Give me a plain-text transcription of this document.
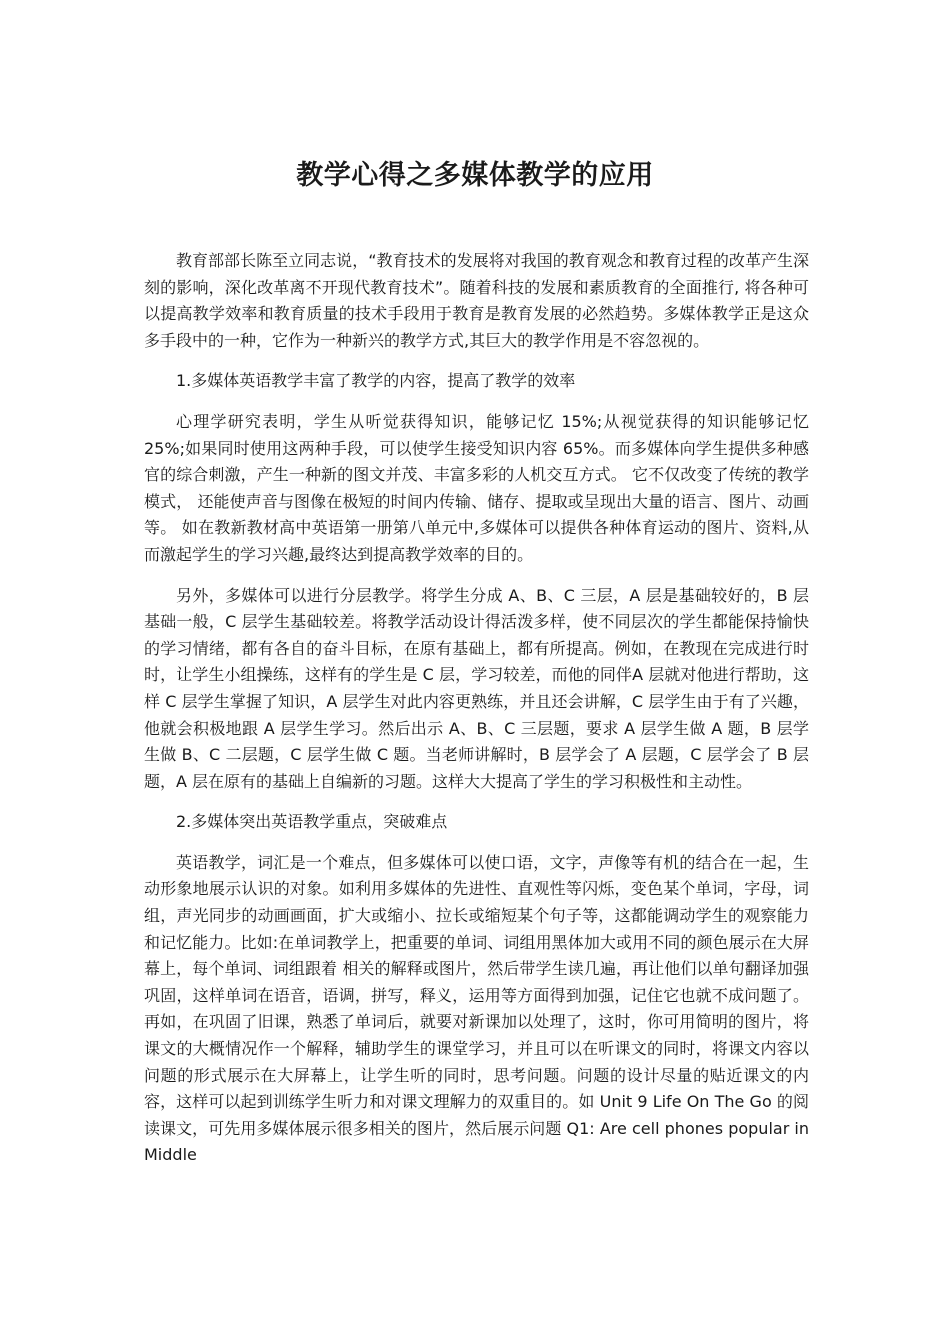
教学心得之多媒体教学的应用

教育部部长陈至立同志说，“教育技术的发展将对我国的教育观念和教育过程的改革产生深刻的影响，深化改革离不开现代教育技术”。随着科技的发展和素质教育的全面推行, 将各种可以提高教学效率和教育质量的技术手段用于教育是教育发展的必然趋势。多媒体教学正是这众多手段中的一种，它作为一种新兴的教学方式,其巨大的教学作用是不容忽视的。

1.多媒体英语教学丰富了教学的内容，提高了教学的效率

心理学研究表明，学生从听觉获得知识，能够记忆 15%;从视觉获得的知识能够记忆 25%;如果同时使用这两种手段，可以使学生接受知识内容 65%。而多媒体向学生提供多种感官的综合刺激，产生一种新的图文并茂、丰富多彩的人机交互方式。 它不仅改变了传统的教学模式， 还能使声音与图像在极短的时间内传输、储存、提取或呈现出大量的语言、图片、动画等。 如在教新教材高中英语第一册第八单元中,多媒体可以提供各种体育运动的图片、资料,从而激起学生的学习兴趣,最终达到提高教学效率的目的。

另外，多媒体可以进行分层教学。将学生分成 A、B、C 三层，A 层是基础较好的，B 层基础一般，C 层学生基础较差。将教学活动设计得活泼多样，使不同层次的学生都能保持愉快的学习情绪，都有各自的奋斗目标，在原有基础上，都有所提高。例如，在教现在完成进行时时，让学生小组操练，这样有的学生是 C 层，学习较差，而他的同伴A 层就对他进行帮助，这样 C 层学生掌握了知识，A 层学生对此内容更熟练，并且还会讲解，C 层学生由于有了兴趣，他就会积极地跟 A 层学生学习。然后出示 A、B、C 三层题，要求 A 层学生做 A 题，B 层学生做 B、C 二层题，C 层学生做 C 题。当老师讲解时，B 层学会了 A 层题，C 层学会了 B 层题，A 层在原有的基础上自编新的习题。这样大大提高了学生的学习积极性和主动性。

2.多媒体突出英语教学重点，突破难点

英语教学，词汇是一个难点，但多媒体可以使口语，文字，声像等有机的结合在一起，生动形象地展示认识的对象。如利用多媒体的先进性、直观性等闪烁，变色某个单词，字母，词组，声光同步的动画画面，扩大或缩小、拉长或缩短某个句子等，这都能调动学生的观察能力和记忆能力。比如:在单词教学上，把重要的单词、词组用黑体加大或用不同的颜色展示在大屏幕上，每个单词、词组跟着 相关的解释或图片，然后带学生读几遍，再让他们以单句翻译加强巩固，这样单词在语音，语调，拼写，释义，运用等方面得到加强，记住它也就不成问题了。再如，在巩固了旧课，熟悉了单词后，就要对新课加以处理了，这时，你可用简明的图片，将课文的大概情况作一个解释，辅助学生的课堂学习，并且可以在听课文的同时，将课文内容以问题的形式展示在大屏幕上，让学生听的同时，思考问题。问题的设计尽量的贴近课文的内容，这样可以起到训练学生听力和对课文理解力的双重目的。如 Unit 9 Life On The Go 的阅读课文，可先用多媒体展示很多相关的图片，然后展示问题 Q1: Are cell phones popular in Middle
